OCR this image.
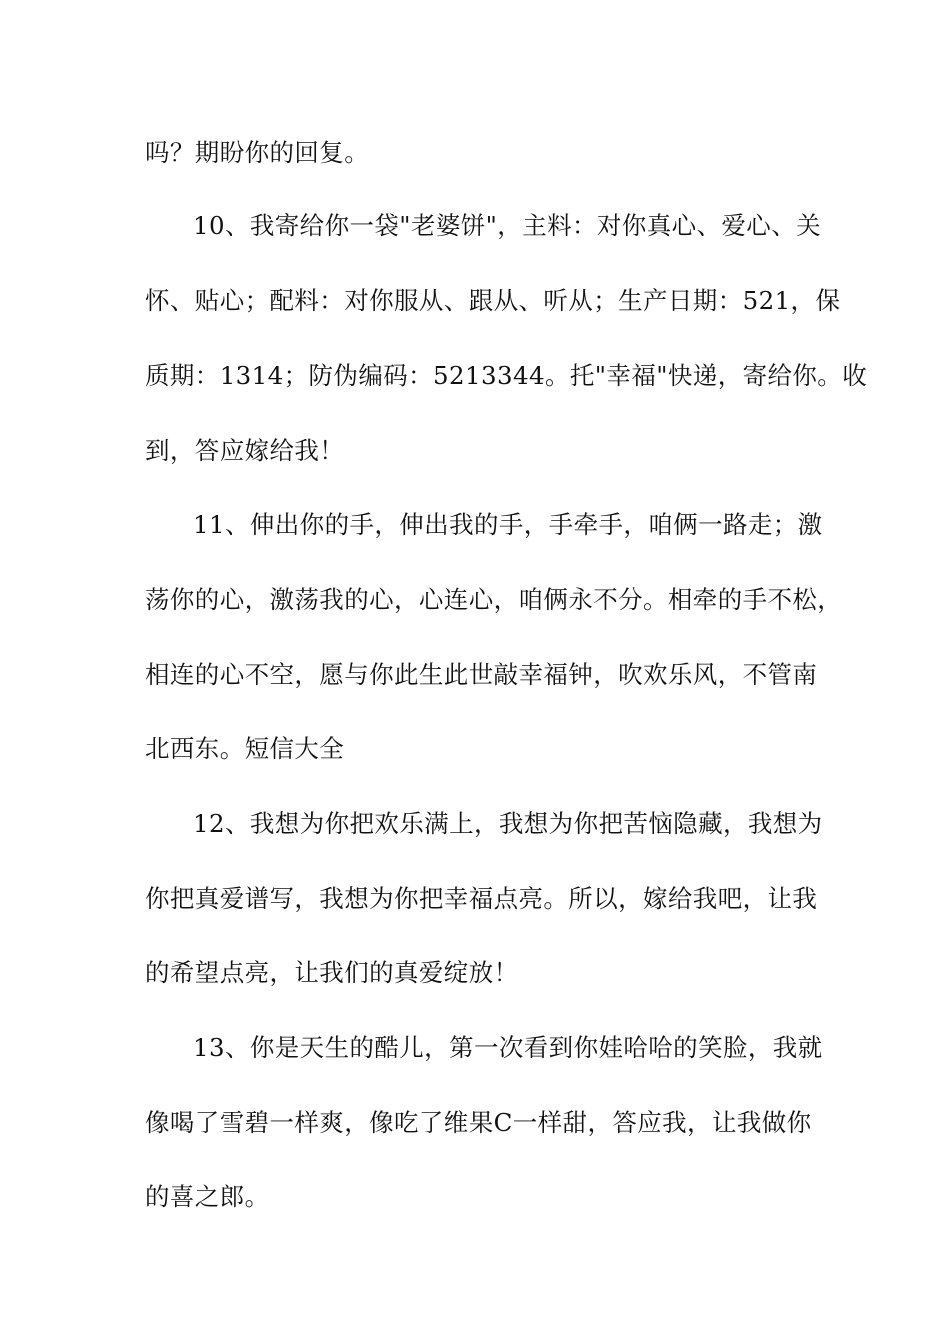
吗？期盼你的回复。
10、我寄给你一袋"老婆饼"，主料：对你真心、爱心、关
怀、贴心；配料：对你服从、跟从、听从；生产日期：521，保
质期：1314；防伪编码：5213344。托"幸福"快递，寄给你。收
到，答应嫁给我！
11、伸出你的手，伸出我的手，手牵手，咱俩一路走；激
荡你的心，激荡我的心，心连心，咱俩永不分。相牵的手不松，
相连的心不空，愿与你此生此世敲幸福钟，吹欢乐风，不管南
北西东。短信大全
12、我想为你把欢乐满上，我想为你把苦恼隐藏，我想为
你把真爱谱写，我想为你把幸福点亮。所以，嫁给我吧，让我
的希望点亮，让我们的真爱绽放！
13、你是天生的酷儿，第一次看到你娃哈哈的笑脸，我就
像喝了雪碧一样爽，像吃了维果C一样甜，答应我，让我做你
的喜之郎。
